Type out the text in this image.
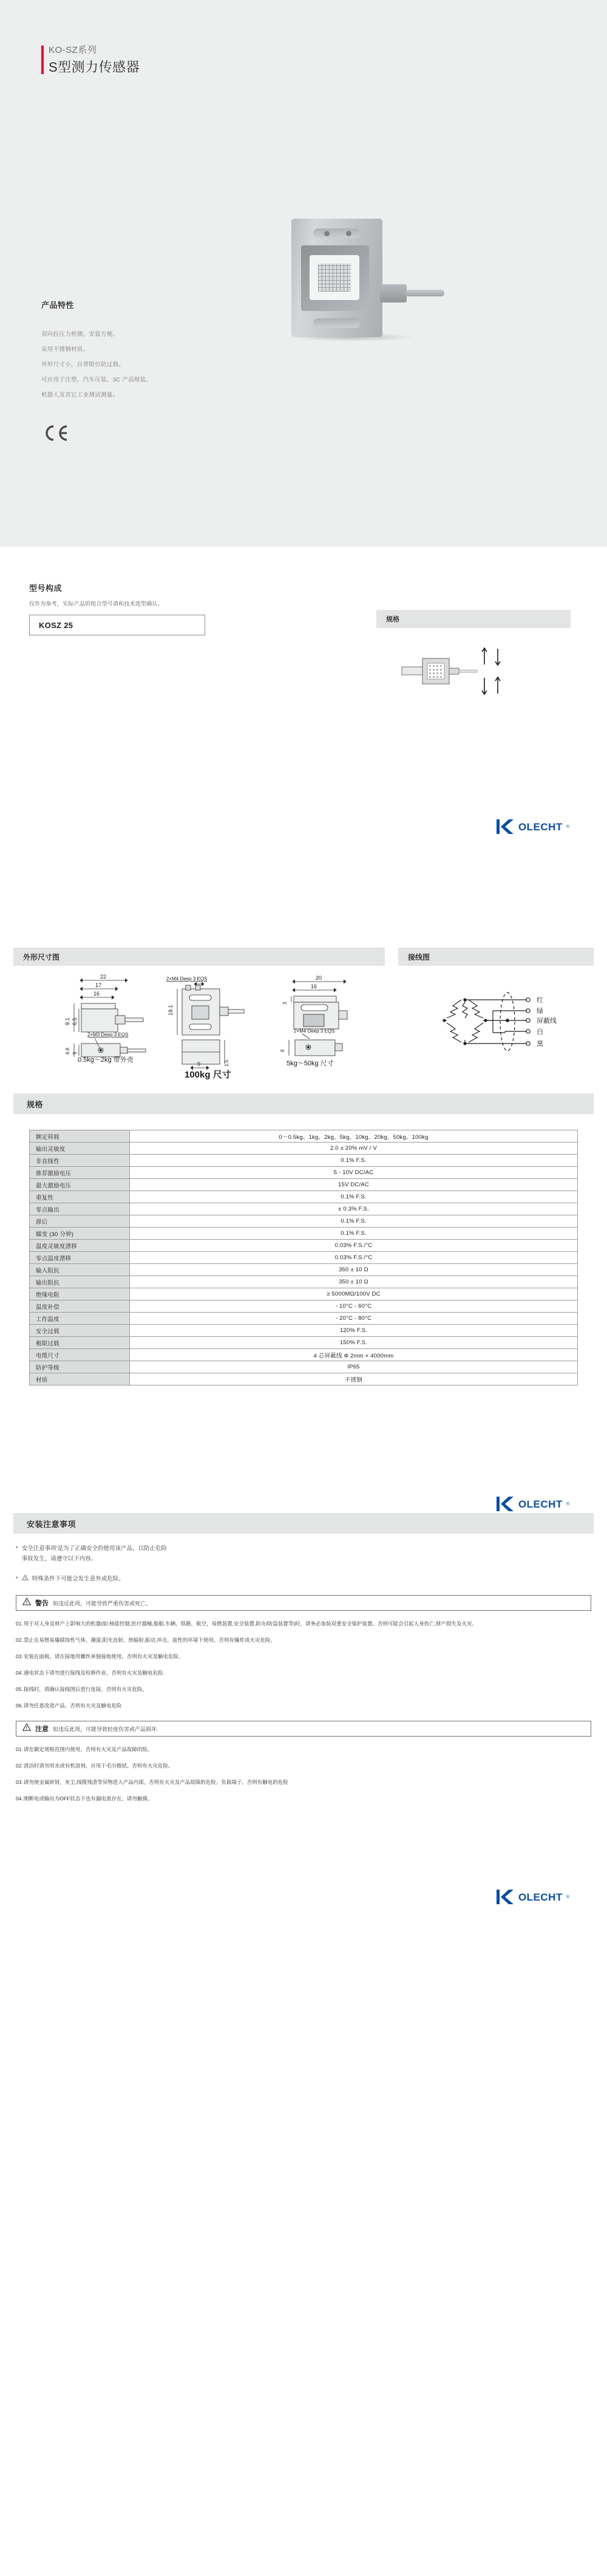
KO-SZ系列
S型测力传感器
产品特性
双向拉压力检测，安装方便。
采用不锈钢材质。
外形尺寸小，自带限位防过载。
可应用于注塑、汽车压装、3C 产品组装、
机器人及其它工业测试测量。
型号构成
仅作为参考，实际产品的组合型号请和技术选型确认。
KOSZ 25
规格
OLECHT ®
外形尺寸图	接线图
22
17
16
9.1 6.5
2×M3 Deep 3 EQS
6.8 5
2×M4 Deep 3 EQS
19.1
9	1.5
20
16
3
2×M4 Deep 3 EQS
6
0.5kg～2kg 带外壳
100kg 尺寸
5kg～50kg 尺寸
红
绿
屏蔽线
白
黑
规格
额定荷载	0～0.5kg、1kg、2kg、5kg、10kg、20kg、50kg、100kg
输出灵敏度	2.0 ± 20% mV / V
非直线性	0.1% F.S.
推荐激励电压	5 - 10V DC/AC
最大激励电压	15V DC/AC
重复性	0.1% F.S.
零点输出	± 0.3% F.S.
滞后	0.1% F.S.
蠕变 (30 分钟)	0.1% F.S.
温度灵敏度漂移	0.03% F.S./°C
零点温度漂移	0.03% F.S./°C
输入阻抗	350 ± 10 Ω
输出阻抗	350 ± 10 Ω
绝缘电阻	≥ 5000MΩ/100V DC
温度补偿	- 10°C - 60°C
工作温度	- 20°C - 80°C
安全过载	120% F.S.
极限过载	150% F.S.
电缆尺寸	4 芯屏蔽线 Φ 2mm × 4000mm
防护等级	IP65
材质	不锈钢
OLECHT ®
安装注意事项
* 安全注意事项'是为了正确安全的使用该产品，以防止危险
事故发生，请遵守以下内容。
* 特殊条件下可能会发生意外或危险。
警告 如违反此项，可能导致严重伤害或死亡。
01. 用于对人身及财产上影响大的机器(如:核能控制,医疗器械,船舶,车辆，铁路，航空，易燃装置,安全装置,防灾/防盗装置等)时，请务必加装双重安全保护装置。否则可能会引起人身伤亡,财产损失及火灾。
02. 禁止在易燃易爆腐蚀性气体，潮湿,阳光直射，热辐射,振动,冲击，盐性的环境下使用。否则有爆炸或火灾危险。
03. 安装在面板，请在接地用螺丝单独接地使用。否则有火灾及触电危险。
04. 通电状态下请勿进行接线及检修作业。否则有火灾及触电危险.
05. 接线时，请确认接线图后进行连接。否则有火灾危险。
06. 请勿任意改造产品。否则有火灾及触电危险
注意 如违反此项，可能导致轻度伤害或产品损坏.
01. 请在额定规格范围内使用。否则有火灾及产品故障的险。
02. 清洁时请勿用水或有机溶剂，应用干毛巾擦拭。否则有火灾危险。
03. 请勿使金属碎屑，灰尘,线缆残渣等异物进入产品内部。否则有火灾及产品故障的危险。负载端子。否则有触电的危险
04. 刚断电或输出为OFF状态下也有漏电流存在，请勿触摸。
OLECHT ®
